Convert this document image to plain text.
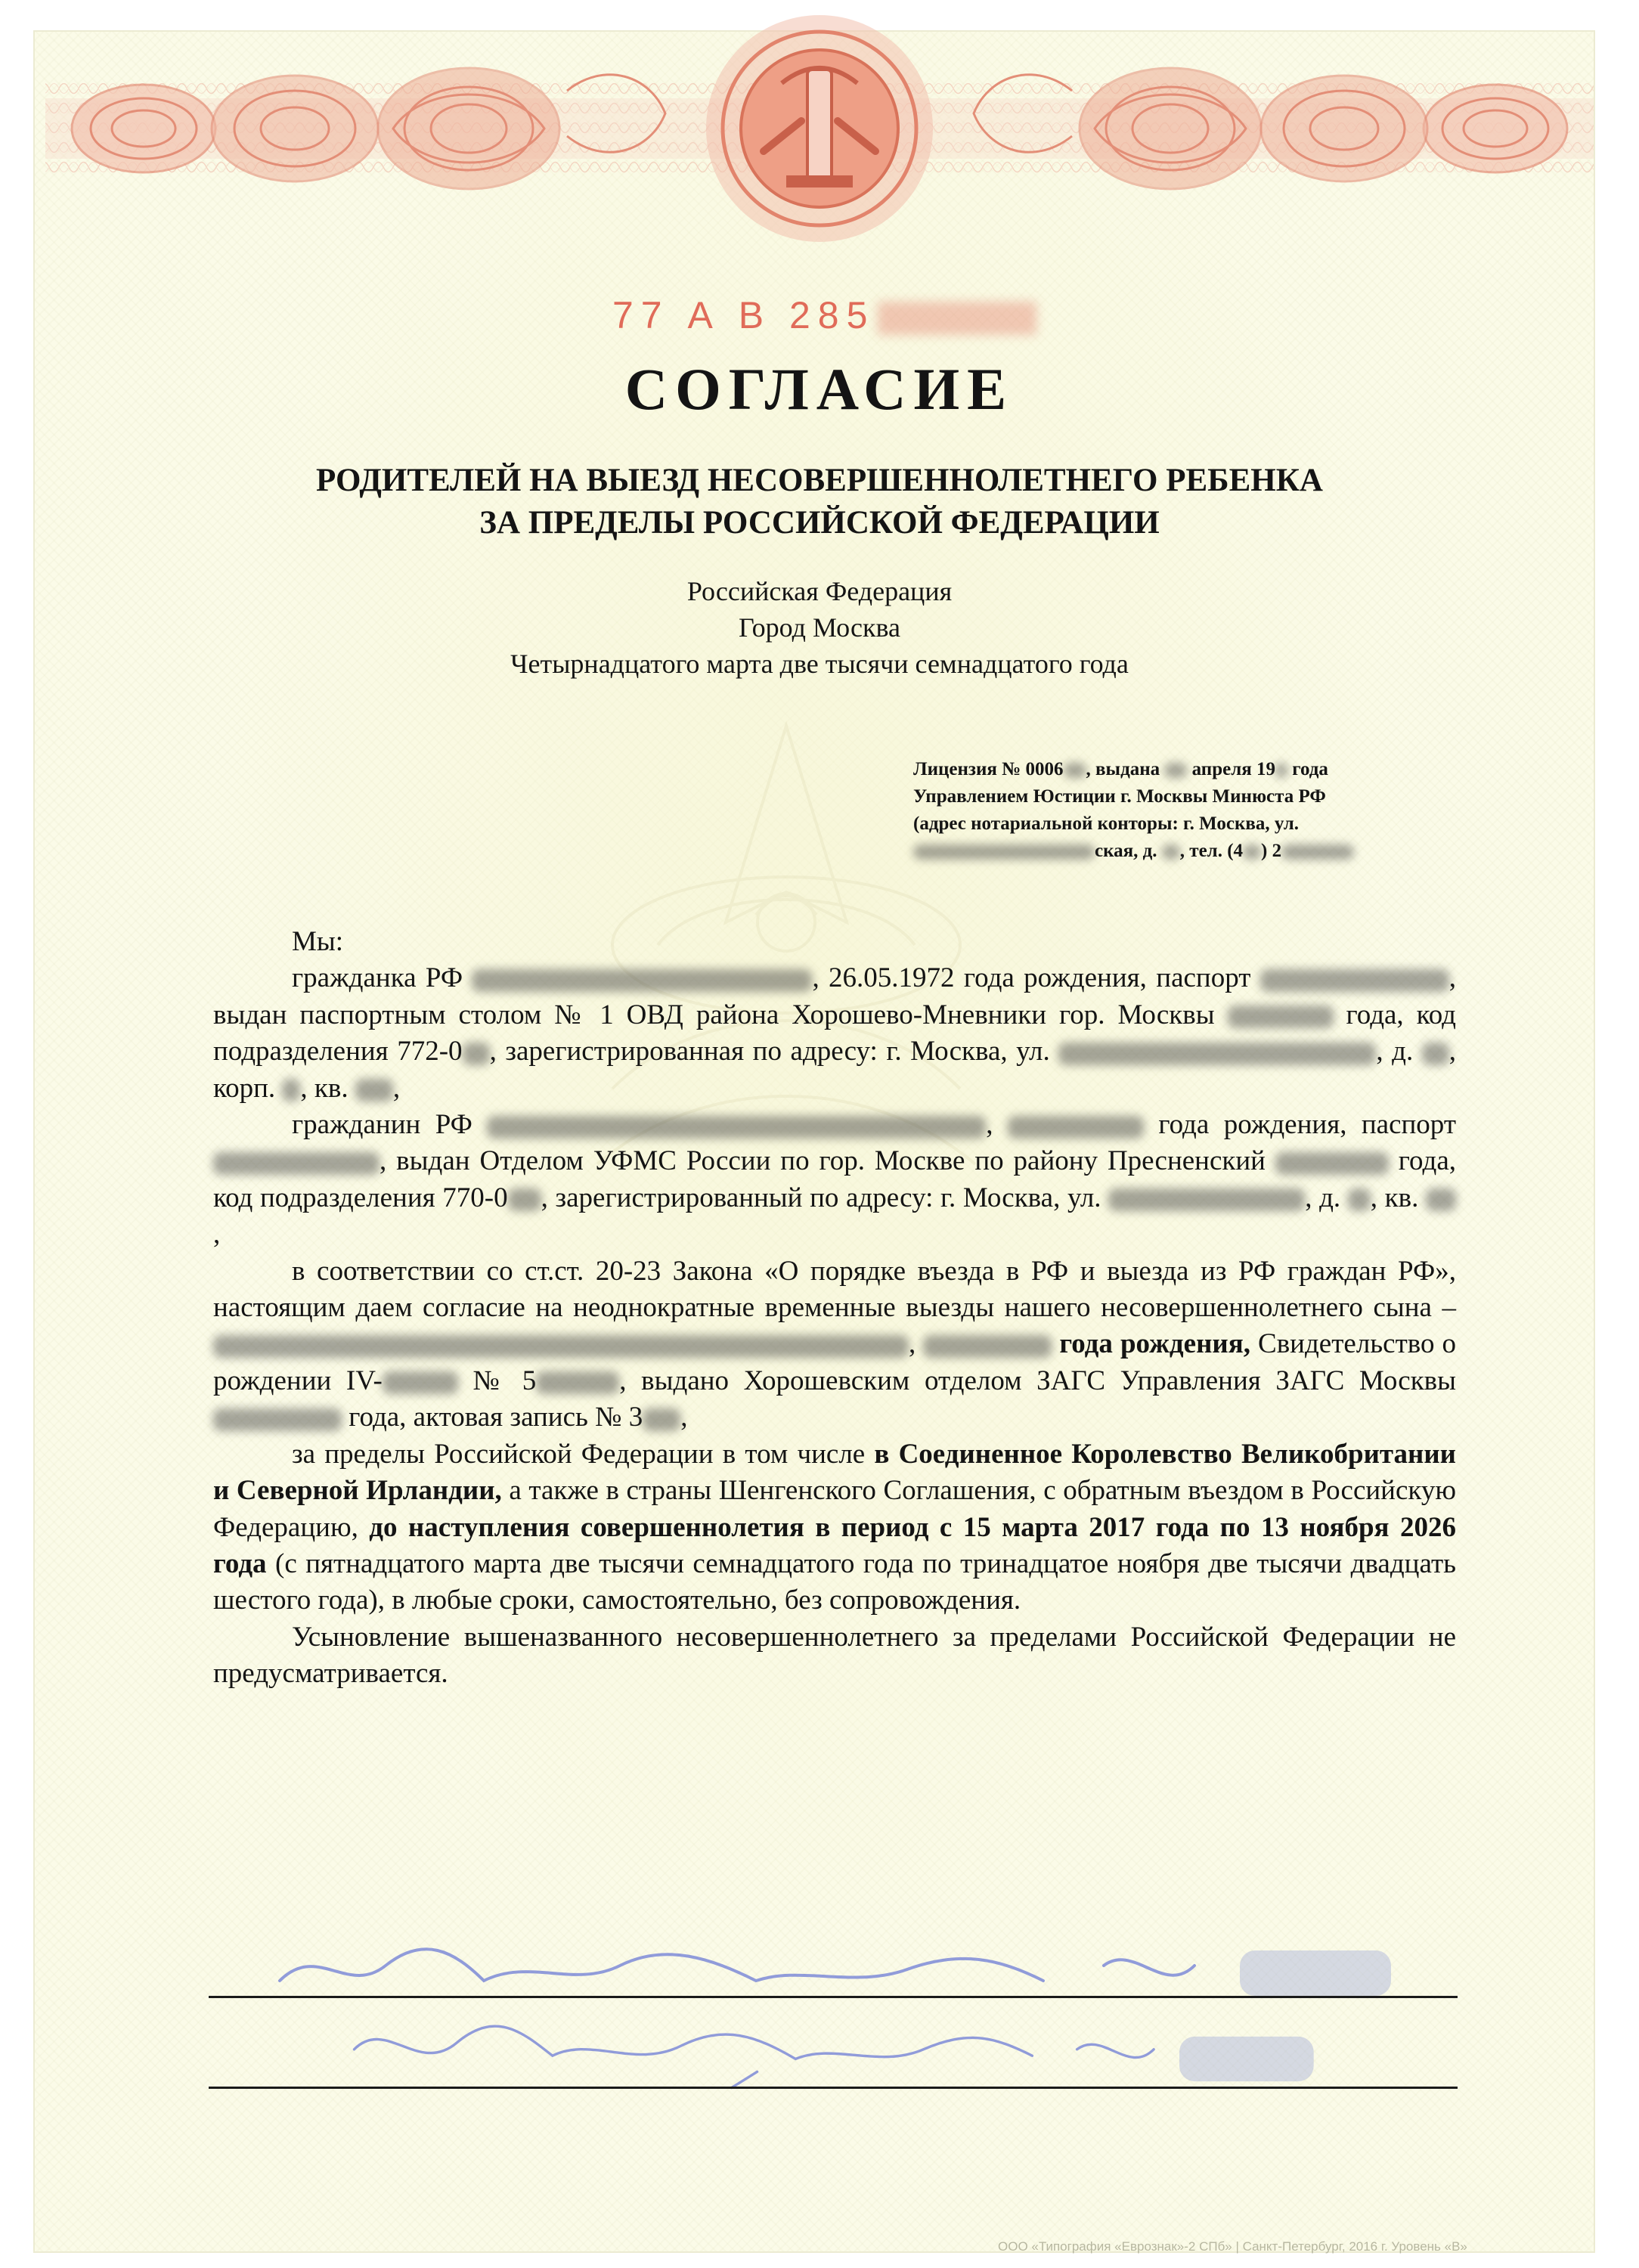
77 А В 285
СОГЛАСИЕ
РОДИТЕЛЕЙ НА ВЫЕЗД НЕСОВЕРШЕННОЛЕТНЕГО РЕБЕНКА
ЗА ПРЕДЕЛЫ РОССИЙСКОЙ ФЕДЕРАЦИИ
Российская Федерация
Город Москва
Четырнадцатого марта две тысячи семнадцатого года
Лицензия № 0006 , выдана  апреля 19 года
Управлением Юстиции г. Москвы Минюста РФ
(адрес нотариальной конторы: г. Москва, ул.
ская, д. , тел. (4 ) 2

Мы:

гражданка РФ	, 26.05.1972 года рождения, паспорт	, выдан паспортным столом № 1 ОВД района Хорошево-Мневники гор. Москвы	года, код подразделения 772-0 , зарегистрированная по адресу: г. Москва, ул.	, д. , корп. , кв. ,

гражданин РФ	,	года рождения, паспорт , выдан Отделом УФМС России по гор. Москве по району Пресненский	года, код подразделения 770-0 , зарегистрированный по адресу: г. Москва, ул.	, д. , кв. ,

в соответствии со ст.ст. 20-23 Закона «О порядке въезда в РФ и выезда из РФ граждан РФ», настоящим даем согласие на неоднократные временные выезды нашего несовершеннолетнего сына – ,	года рождения, Свидетельство о рождении IV-	№ 5	, выдано Хорошевским отделом ЗАГС Управления ЗАГС Москвы  года, актовая запись № 3 ,

за пределы Российской Федерации в том числе в Соединенное Королевство Великобритании и Северной Ирландии, а также в страны Шенгенского Соглашения, с обратным въездом в Российскую Федерацию, до наступления совершеннолетия в период с 15 марта 2017 года по 13 ноября 2026 года (с пятнадцатого марта две тысячи семнадцатого года по тринадцатое ноября две тысячи двадцать шестого года), в любые сроки, самостоятельно, без сопровождения.

Усыновление вышеназванного несовершеннолетнего за пределами Российской Федерации не предусматривается.

ООО «Типография «Еврознак»-2 СПб» | Санкт-Петербург, 2016 г. Уровень «В»
